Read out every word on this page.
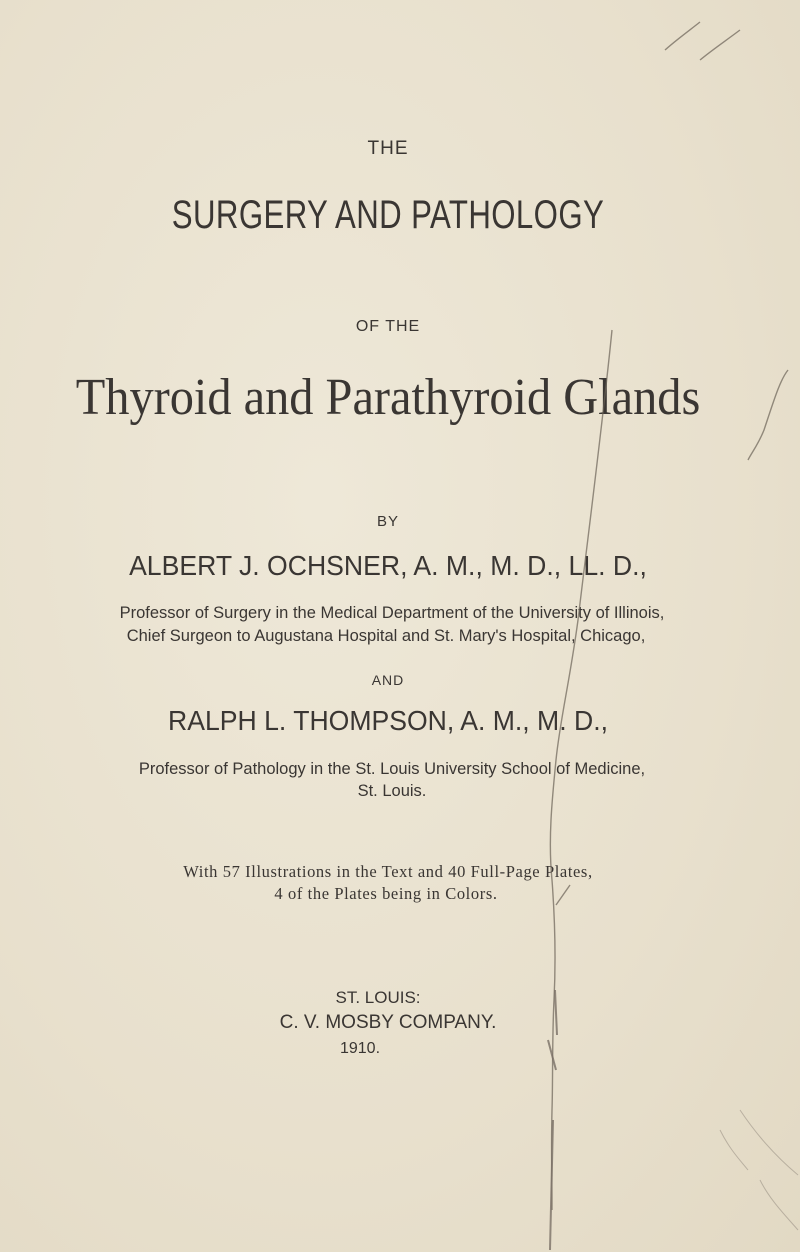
THE
SURGERY AND PATHOLOGY
OF THE
Thyroid and Parathyroid Glands
BY
ALBERT J. OCHSNER, A. M., M. D., LL. D.,
Professor of Surgery in the Medical Department of the University of Illinois,
Chief Surgeon to Augustana Hospital and St. Mary's Hospital, Chicago,
AND
RALPH L. THOMPSON, A. M., M. D.,
Professor of Pathology in the St. Louis University School of Medicine,
St. Louis.
With 57 Illustrations in the Text and 40 Full-Page Plates,
4 of the Plates being in Colors.
ST. LOUIS:
C. V. MOSBY COMPANY.
1910.
